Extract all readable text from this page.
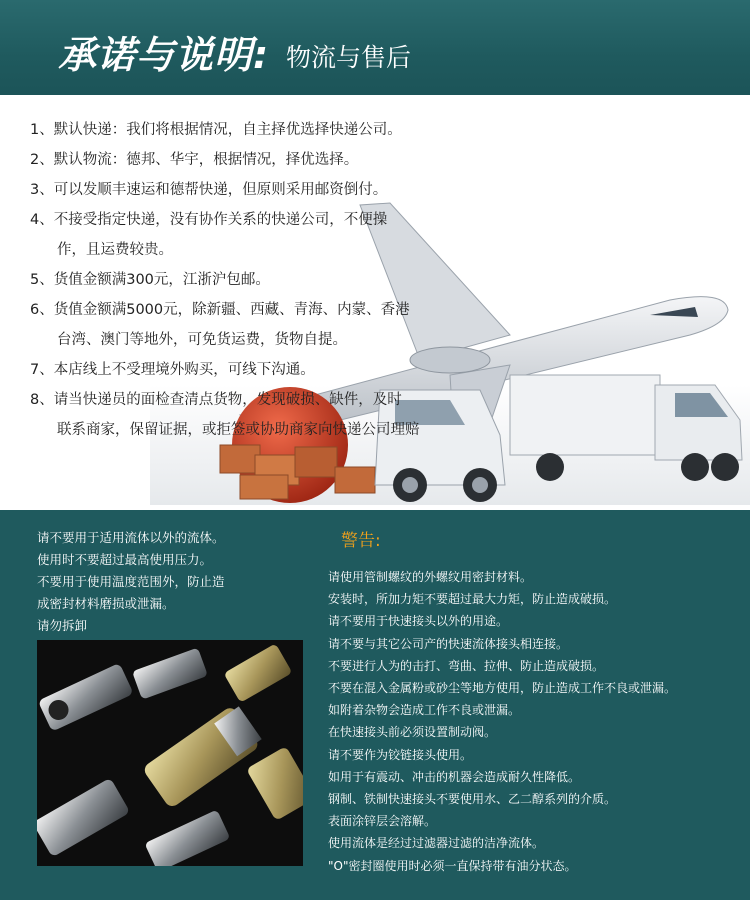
承诺与说明: 物流与售后
1、默认快递：我们将根据情况，自主择优选择快递公司。
2、默认物流：德邦、华宇，根据情况，择优选择。
3、可以发顺丰速运和德帮快递，但原则采用邮资倒付。
4、不接受指定快递，没有协作关系的快递公司，不便操
作，且运费较贵。
5、货值金额满300元，江浙沪包邮。
6、货值金额满5000元，除新疆、西藏、青海、内蒙、香港
台湾、澳门等地外，可免货运费，货物自提。
7、本店线上不受理境外购买，可线下沟通。
8、请当快递员的面检查清点货物，发现破损、缺件，及时
联系商家，保留证据，或拒签或协助商家向快递公司理赔

请不要用于适用流体以外的流体。

使用时不要超过最高使用压力。

不要用于使用温度范围外，防止造

成密封材料磨损或泄漏。

请勿拆卸

警告:
请使用管制螺纹的外螺纹用密封材料。
安装时，所加力矩不要超过最大力矩，防止造成破损。
请不要用于快速接头以外的用途。
请不要与其它公司产的快速流体接头相连接。
不要进行人为的击打、弯曲、拉伸、防止造成破损。
不要在混入金属粉或砂尘等地方使用，防止造成工作不良或泄漏。
如附着杂物会造成工作不良或泄漏。
在快速接头前必须设置制动阀。
请不要作为铰链接头使用。
如用于有震动、冲击的机器会造成耐久性降低。
钢制、铁制快速接头不要使用水、乙二醇系列的介质。
表面涂锌层会溶解。
使用流体是经过过滤器过滤的洁净流体。
"O"密封圈使用时必须一直保持带有油分状态。
